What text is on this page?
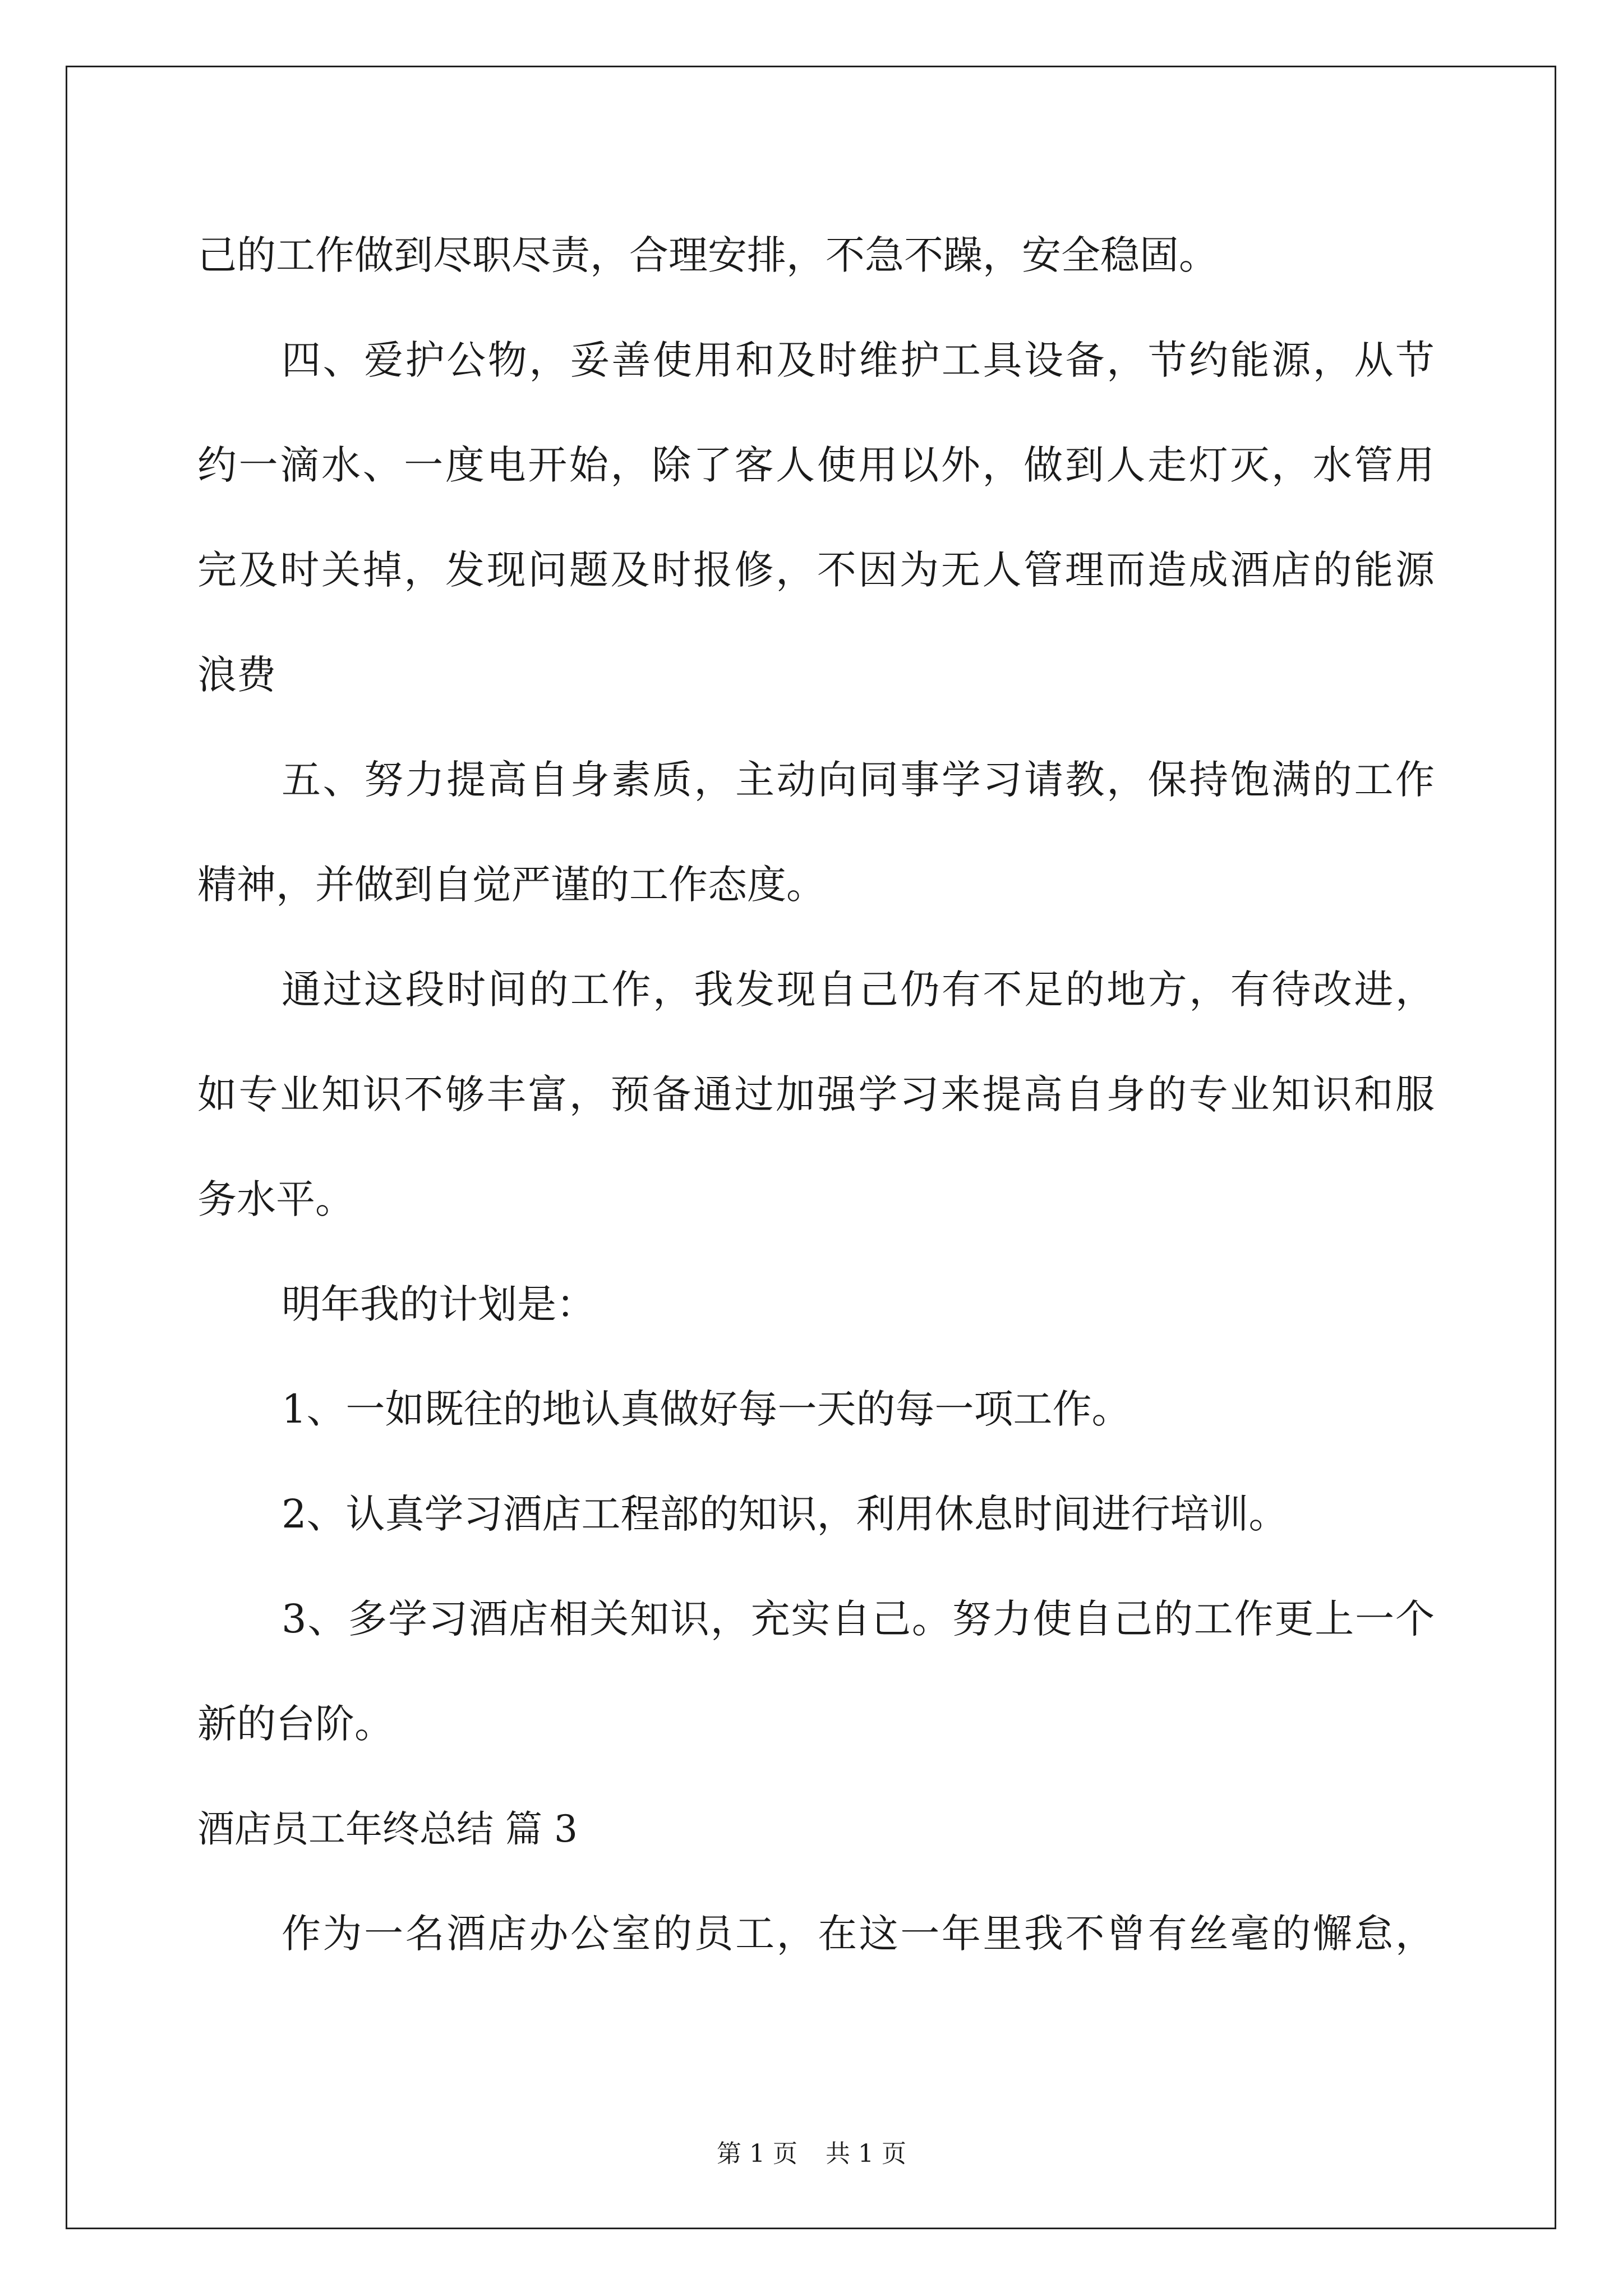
己的工作做到尽职尽责，合理安排，不急不躁，安全稳固。

四、爱护公物，妥善使用和及时维护工具设备，节约能源，从节

约一滴水、一度电开始，除了客人使用以外，做到人走灯灭，水管用

完及时关掉，发现问题及时报修，不因为无人管理而造成酒店的能源

浪费

五、努力提高自身素质，主动向同事学习请教，保持饱满的工作

精神，并做到自觉严谨的工作态度。

通过这段时间的工作，我发现自己仍有不足的地方，有待改进，

如专业知识不够丰富，预备通过加强学习来提高自身的专业知识和服

务水平。

明年我的计划是：

1、一如既往的地认真做好每一天的每一项工作。

2、认真学习酒店工程部的知识，利用休息时间进行培训。

3、多学习酒店相关知识，充实自己。努力使自己的工作更上一个

新的台阶。

酒店员工年终总结 篇 3

作为一名酒店办公室的员工，在这一年里我不曾有丝毫的懈怠，

第 1 页 共 1 页
